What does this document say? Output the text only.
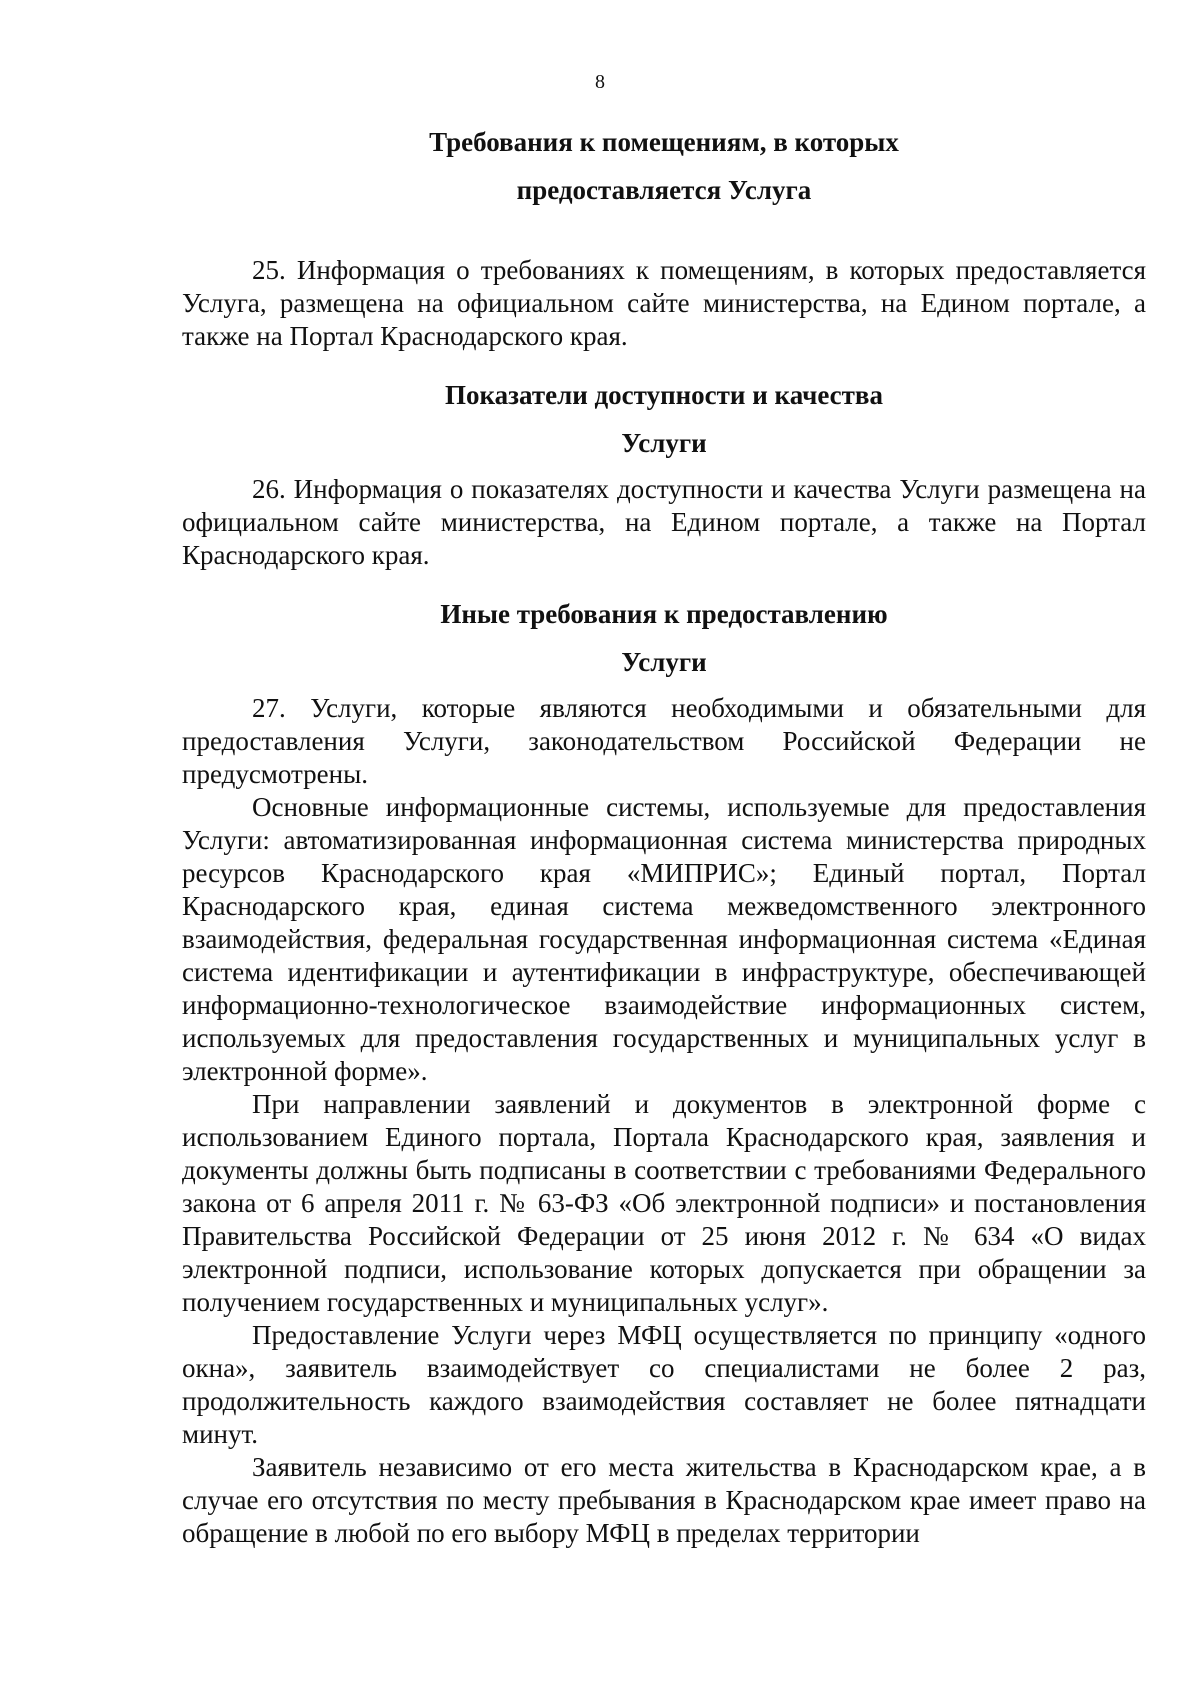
8
Требования к помещениям, в которых
предоставляется Услуга

25. Информация о требованиях к помещениям, в которых предоставляется Услуга, размещена на официальном сайте министерства, на Едином портале, а также на Портал Краснодарского края.

Показатели доступности и качества
Услуги

26. Информация о показателях доступности и качества Услуги размещена на официальном сайте министерства, на Едином портале, а также на Портал Краснодарского края.

Иные требования к предоставлению
Услуги

27. Услуги, которые являются необходимыми и обязательными для предоставления Услуги, законодательством Российской Федерации не предусмотрены.

Основные информационные системы, используемые для предоставления Услуги: автоматизированная информационная система министерства природных ресурсов Краснодарского края «МИПРИС»; Единый портал, Портал Краснодарского края, единая система межведомственного электронного взаимодействия, федеральная государственная информационная система «Единая система идентификации и аутентификации в инфраструктуре, обеспечивающей информационно-технологическое взаимодействие информационных систем, используемых для предоставления государственных и муниципальных услуг в электронной форме».

При направлении заявлений и документов в электронной форме с использованием Единого портала, Портала Краснодарского края, заявления и документы должны быть подписаны в соответствии с требованиями Федерального закона от 6 апреля 2011 г. № 63-ФЗ «Об электронной подписи» и постановления Правительства Российской Федерации от 25 июня 2012 г. № 634 «О видах электронной подписи, использование которых допускается при обращении за получением государственных и муниципальных услуг».

Предоставление Услуги через МФЦ осуществляется по принципу «одного окна», заявитель взаимодействует со специалистами не более 2 раз, продолжительность каждого взаимодействия составляет не более пятнадцати минут.

Заявитель независимо от его места жительства в Краснодарском крае, а в случае его отсутствия по месту пребывания в Краснодарском крае имеет право на обращение в любой по его выбору МФЦ в пределах территории
